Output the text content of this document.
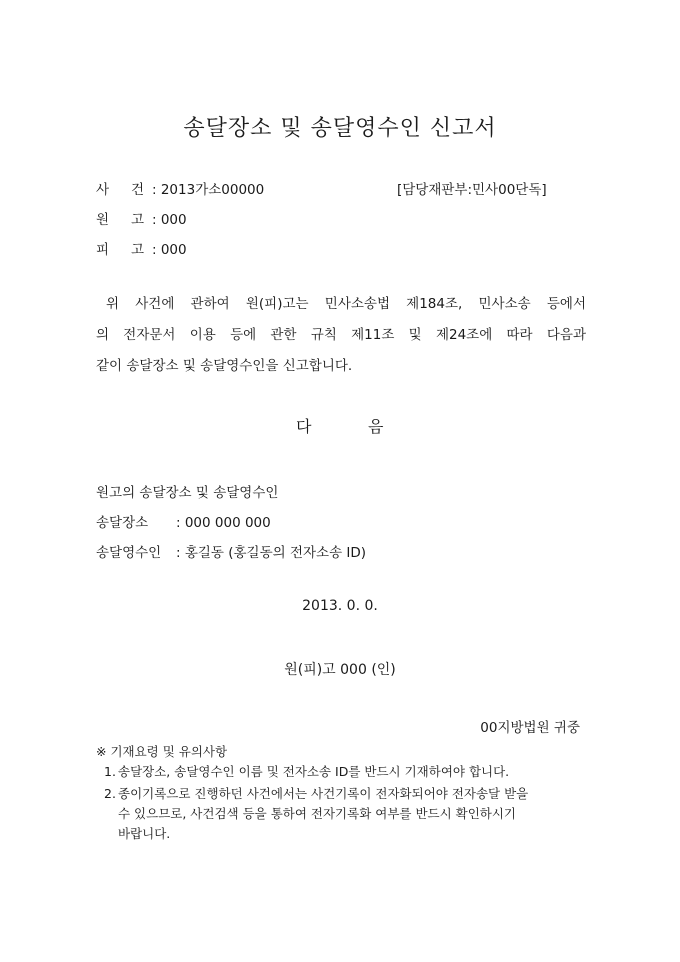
송달장소 및 송달영수인 신고서
사 건 : 2013가소00000	[담당재판부:민사00단독]
원 고 : 000
피 고 : 000
위 사건에 관하여 원(피)고는 민사소송법 제184조, 민사소송 등에서
의 전자문서 이용 등에 관한 규칙 제11조 및 제24조에 따라 다음과
같이 송달장소 및 송달영수인을 신고합니다.
다	음
원고의 송달장소 및 송달영수인
송달장소 : 000 000 000
송달영수인 : 홍길동 (홍길동의 전자소송 ID)
2013. 0. 0.
원(피)고 000 (인)
00지방법원 귀중
※ 기재요령 및 유의사항
1. 송달장소, 송달영수인 이름 및 전자소송 ID를 반드시 기재하여야 합니다.
2. 종이기록으로 진행하던 사건에서는 사건기록이 전자화되어야 전자송달 받을
수 있으므로, 사건검색 등을 통하여 전자기록화 여부를 반드시 확인하시기
바랍니다.
